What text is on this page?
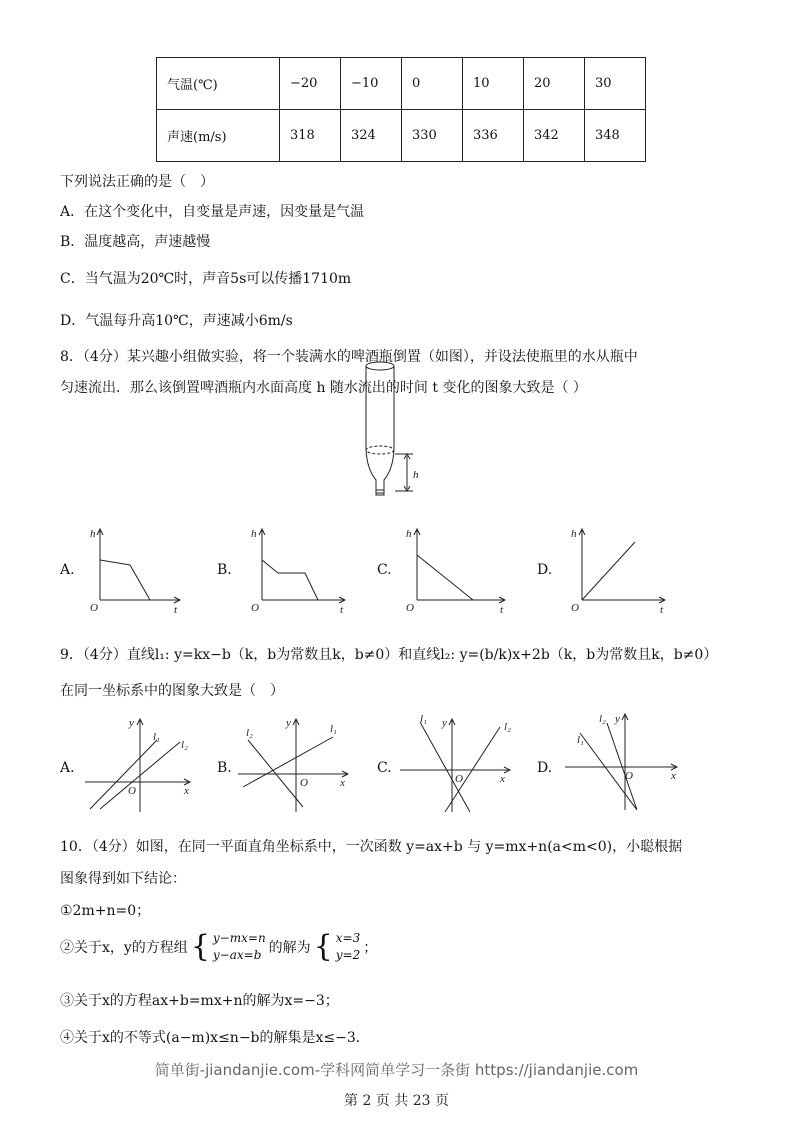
气温(℃)	−20	−10	0	10	20	30
声速(m/s)	318	324	330	336	342	348
下列说法正确的是（　）
A．在这个变化中，自变量是声速，因变量是气温
B．温度越高，声速越慢
C．当气温为20℃时，声音5s可以传播1710m
D．气温每升高10℃，声速减小6m/s
8．（4分）某兴趣小组做实验，将一个装满水的啤酒瓶倒置（如图），并设法使瓶里的水从瓶中
匀速流出．那么该倒置啤酒瓶内水面高度 h 随水流出的时间 t 变化的图象大致是（ ）
h
A.	B.	C.	D.
h
O	t
h
O	t
h
O	t
h
O	t
9．（4分）直线l₁: y=kx−b（k，b为常数且k，b≠0）和直线l₂: y=(b/k)x+2b（k，b为常数且k，b≠0）
在同一坐标系中的图象大致是（　）
A.	B.	C.	D.
y
l₁
l₂
O	x
y
l₂	l₁
O	x
y
l₁
l₂
O	x
y
l₂
l₁
O	x
10．（4分）如图，在同一平面直角坐标系中，一次函数 y=ax+b 与 y=mx+n(a<m<0)，小聪根据
图象得到如下结论：
①2m+n=0；
②关于x，y的方程组 { y−mx=n
y−ax=b 的解为 { x=3
y=2 ；
③关于x的方程ax+b=mx+n的解为x=−3；
④关于x的不等式(a−m)x≤n−b的解集是x≤−3．
简单街-jiandanjie.com-学科网简单学习一条街 https://jiandanjie.com
第 2 页 共 23 页
